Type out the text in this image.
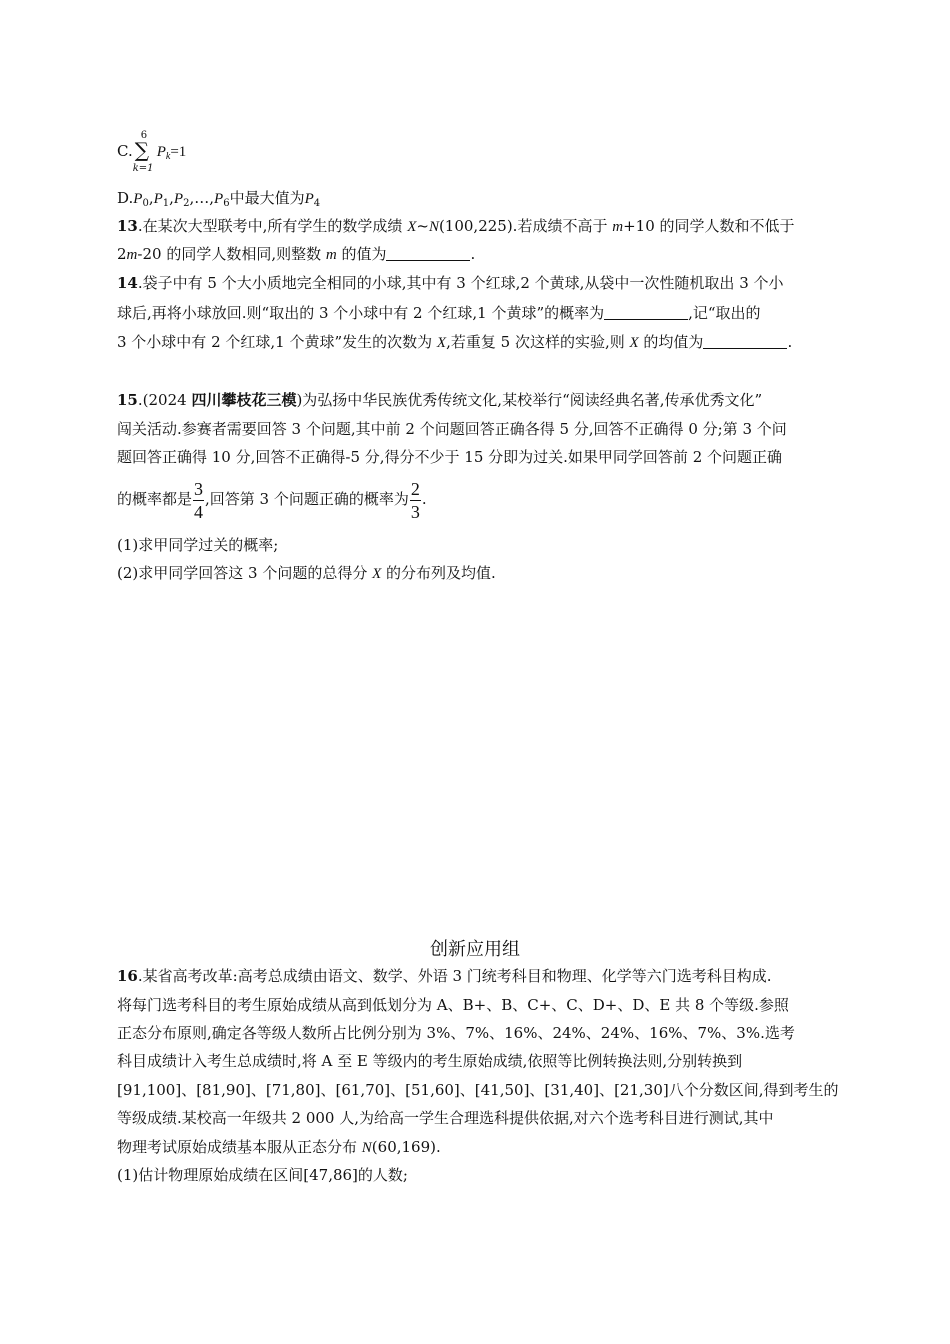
C.
6
∑
k=1
$P_k=1$
$D.P_0,P_1,P_2,\dots,P_6$中最大值为$P_4$
13.在某次大型联考中,所有学生的数学成绩 X~N(100,225).若成绩不高于 m+10 的同学人数和不低于
2m-20 的同学人数相同,则整数 m 的值为	.
14.袋子中有 5 个大小质地完全相同的小球,其中有 3 个红球,2 个黄球,从袋中一次性随机取出 3 个小
球后,再将小球放回.则“取出的 3 个小球中有 2 个红球,1 个黄球”的概率为	,记“取出的
3 个小球中有 2 个红球,1 个黄球”发生的次数为 X,若重复 5 次这样的实验,则 X 的均值为	.
15.(2024 四川攀枝花三模)为弘扬中华民族优秀传统文化,某校举行“阅读经典名著,传承优秀文化”
闯关活动.参赛者需要回答 3 个问题,其中前 2 个问题回答正确各得 5 分,回答不正确得 0 分;第 3 个问
题回答正确得 10 分,回答不正确得-5 分,得分不少于 15 分即为过关.如果甲同学回答前 2 个问题正确
的概率都是 $\frac{3}{4}$ ,回答第 3 个问题正确的概率为 $\frac{2}{3}$ .
(1)求甲同学过关的概率;
(2)求甲同学回答这 3 个问题的总得分 X 的分布列及均值.
创新应用组
16.某省高考改革:高考总成绩由语文、数学、外语 3 门统考科目和物理、化学等六门选考科目构成.
将每门选考科目的考生原始成绩从高到低划分为 A、B+、B、C+、C、D+、D、E 共 8 个等级.参照
正态分布原则,确定各等级人数所占比例分别为 3%、7%、16%、24%、24%、16%、7%、3%.选考
科目成绩计入考生总成绩时,将 A 至 E 等级内的考生原始成绩,依照等比例转换法则,分别转换到
[91,100]、[81,90]、[71,80]、[61,70]、[51,60]、[41,50]、[31,40]、[21,30]八个分数区间,得到考生的
等级成绩.某校高一年级共 2 000 人,为给高一学生合理选科提供依据,对六个选考科目进行测试,其中
物理考试原始成绩基本服从正态分布 N(60,169).
(1)估计物理原始成绩在区间[47,86]的人数;
